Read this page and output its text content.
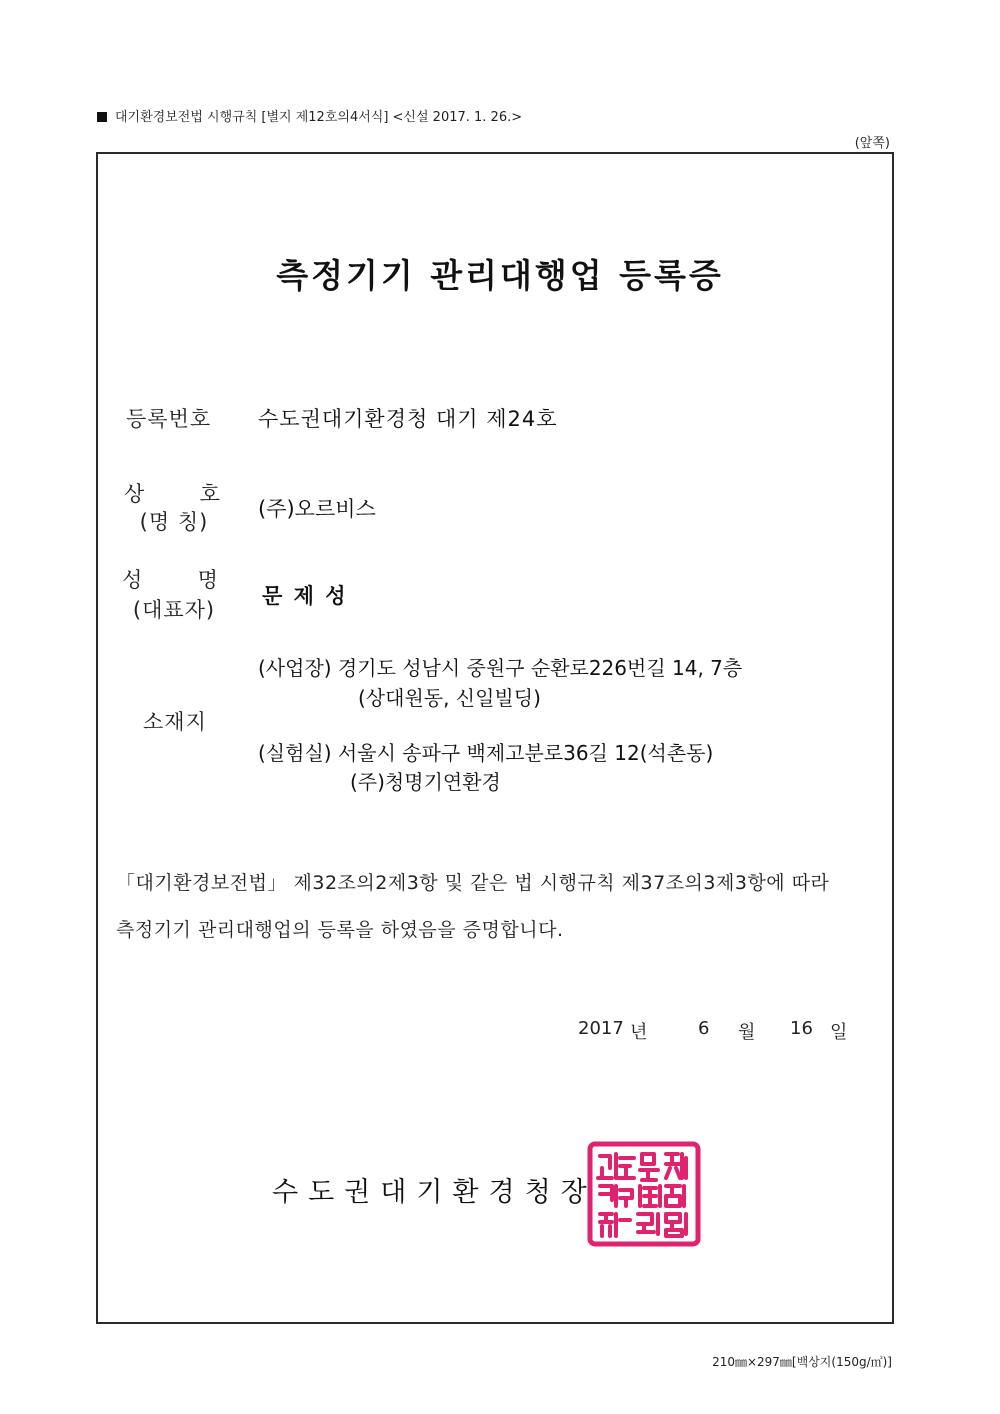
대기환경보전법 시행규칙 [별지 제12호의4서식] <신설 2017. 1. 26.>
(앞쪽)
측정기기 관리대행업 등록증
등록번호 수도권대기환경청 대기 제24호
상  호
(명 칭)
(주)오르비스
성  명
(대표자)
문 제 성
소재지
(사업장) 경기도 성남시 중원구 순환로226번길 14, 7층
(상대원동, 신일빌딩)
(실험실) 서울시 송파구 백제고분로36길 12(석촌동)
(주)청명기연환경
「대기환경보전법」 제32조의2제3항 및 같은 법 시행규칙 제37조의3제3항에 따라
측정기기 관리대행업의 등록을 하였음을 증명합니다.
2017 년	6 월 16 일
수도권대기환경청장
210㎜×297㎜[백상지(150g/㎡)]
